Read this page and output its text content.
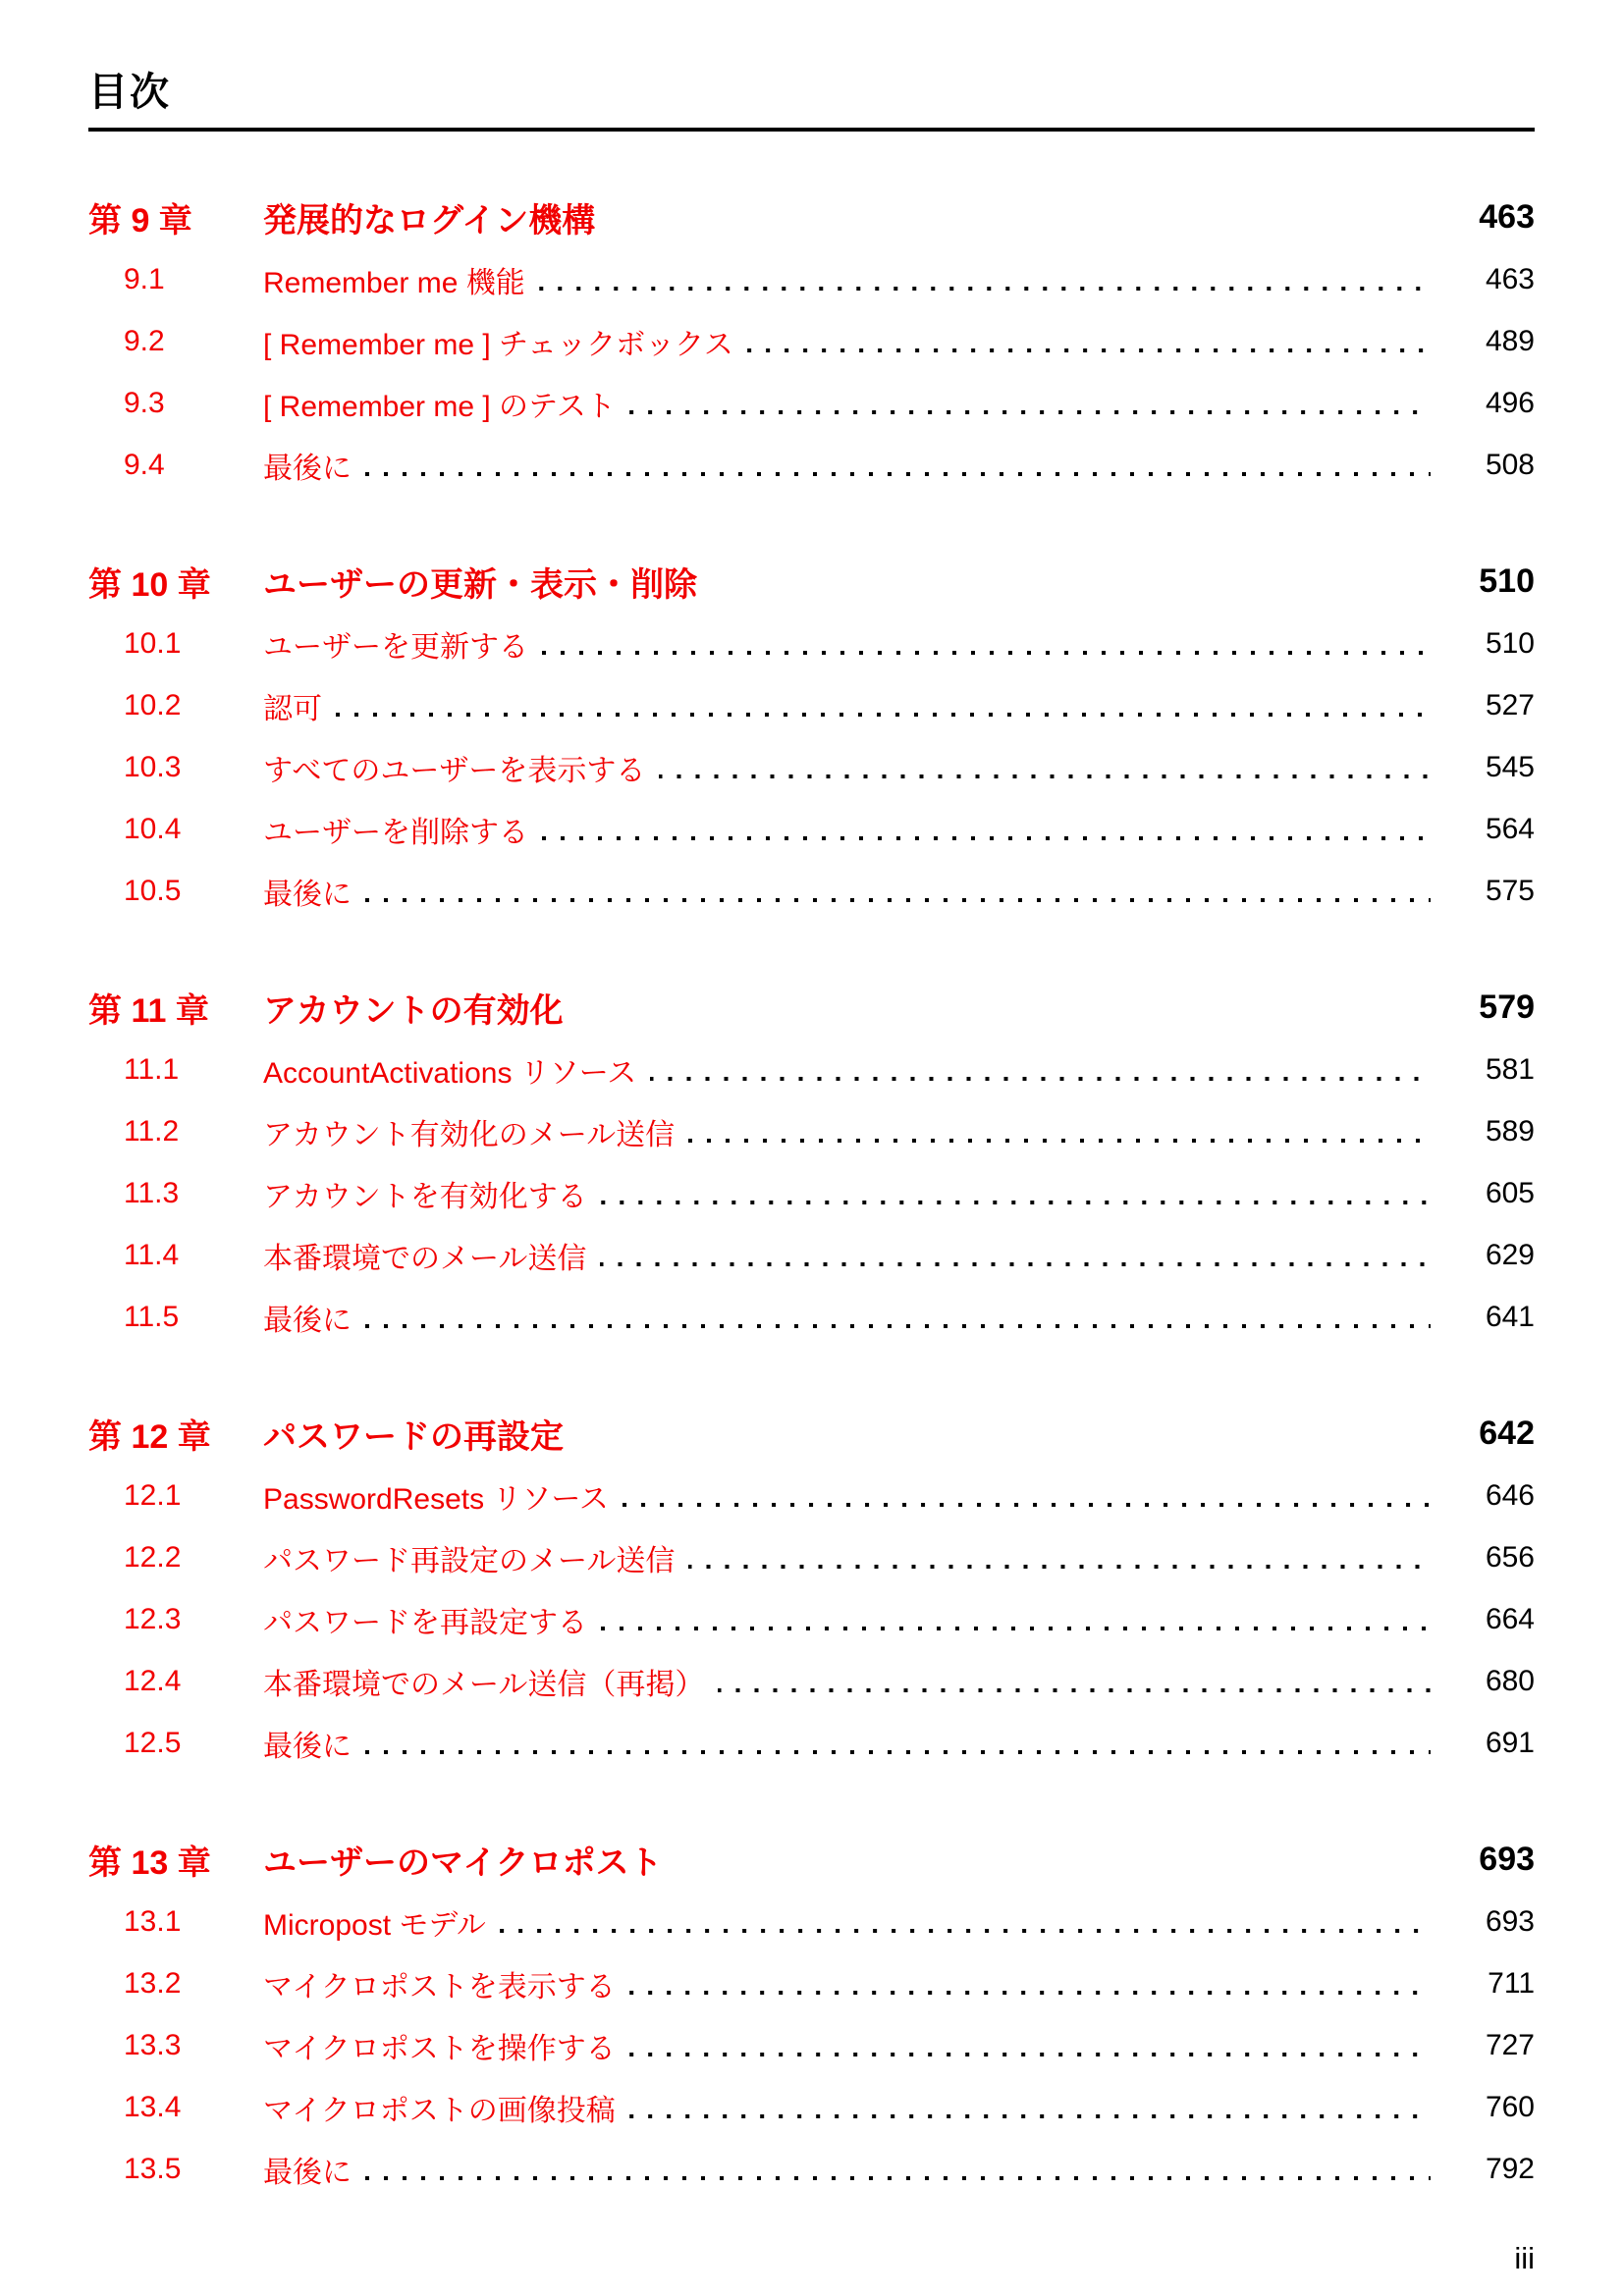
目次
第 9 章	発展的なログイン機構	463
9.1	Remember me 機能	463
9.2	[ Remember me ] チェックボックス	489
9.3	[ Remember me ] のテスト	496
9.4	最後に	508
第 10 章	ユーザーの更新・表示・削除	510
10.1	ユーザーを更新する	510
10.2	認可	527
10.3	すべてのユーザーを表示する	545
10.4	ユーザーを削除する	564
10.5	最後に	575
第 11 章	アカウントの有効化	579
11.1	AccountActivations リソース	581
11.2	アカウント有効化のメール送信	589
11.3	アカウントを有効化する	605
11.4	本番環境でのメール送信	629
11.5	最後に	641
第 12 章	パスワードの再設定	642
12.1	PasswordResets リソース	646
12.2	パスワード再設定のメール送信	656
12.3	パスワードを再設定する	664
12.4	本番環境でのメール送信（再掲）	680
12.5	最後に	691
第 13 章	ユーザーのマイクロポスト	693
13.1	Micropost モデル	693
13.2	マイクロポストを表示する	711
13.3	マイクロポストを操作する	727
13.4	マイクロポストの画像投稿	760
13.5	最後に	792
iii
